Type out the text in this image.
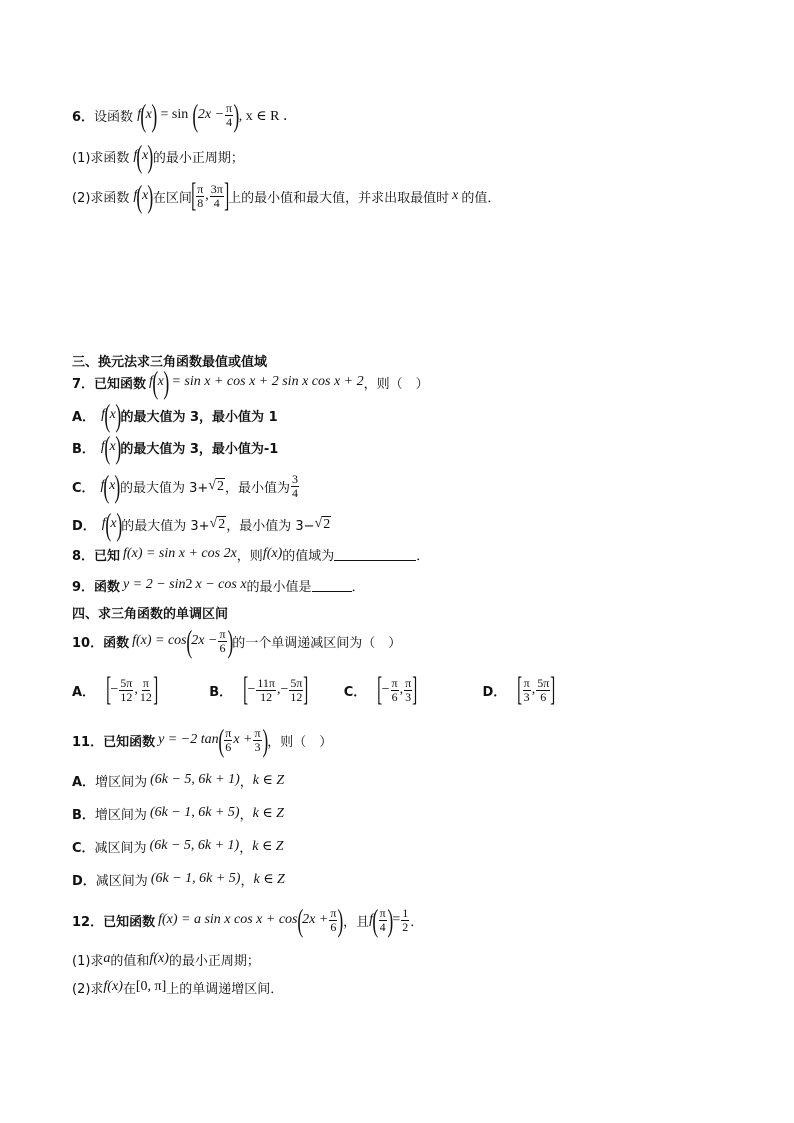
6． 设函数 f ( x ) = sin ( $2x - \frac{\pi}{4}$ ) , x ∈ R ．
(1)求函数 f ( x ) 的最小正周期；
(2)求函数 f ( x ) 在区间 [ $\frac{\pi}{8}$ , $\frac{3\pi}{4}$ ] 上的最小值和最大值，并求出取最值时 x 的值．
三、换元法求三角函数最值或值域
7．已知函数 f ( x ) = sin x + cos x + 2 sin x cos x + 2 ，则（　）
A． f ( x ) 的最大值为 3，最小值为 1
B． f ( x ) 的最大值为 3，最小值为-1
C． f ( x ) 的最大值为 3+ √ 2 ，最小值为 $\frac{3}{4}$
D． f ( x ) 的最大值为 3+ √ 2 ，最小值为 3− √ 2
8．已知 f(x) = sin x + cos 2x ，则 f(x) 的值域为	．
9．函数 y = 2 − sin 2 x − cos x 的最小值是	．
四、求三角函数的单调区间
10．函数 f(x) = cos ( $2x - \frac{\pi}{6}$ ) 的一个单调递减区间为（　）
A． [ − $\frac{5\pi}{12}$ , $\frac{\pi}{12}$ ]	B． [ − $\frac{11\pi}{12}$ ,− $\frac{5\pi}{12}$ ]	C． [ − $\frac{\pi}{6}$ , $\frac{\pi}{3}$ ]	D． [ $\frac{\pi}{3}$ , $\frac{5\pi}{6}$ ]
11．已知函数 y = −2 tan ( $\frac{\pi}{6}$ $x + \frac{\pi}{3}$ ) ，则（　）
A． 增区间为 (6k − 5, 6k + 1) ， k ∈ Z
B． 增区间为 (6k − 1, 6k + 5) ， k ∈ Z
C． 减区间为 (6k − 5, 6k + 1) ， k ∈ Z
D． 减区间为 (6k − 1, 6k + 5) ， k ∈ Z
12．已知函数 f(x) = a sin x cos x + cos ( $2x + \frac{\pi}{6}$ ) ，且 f ( $\frac{\pi}{4}$ ) = $\frac{1}{2}$ ．
(1)求 a 的值和 f(x) 的最小正周期；
(2)求 f(x) 在 [0, π] 上的单调递增区间．
